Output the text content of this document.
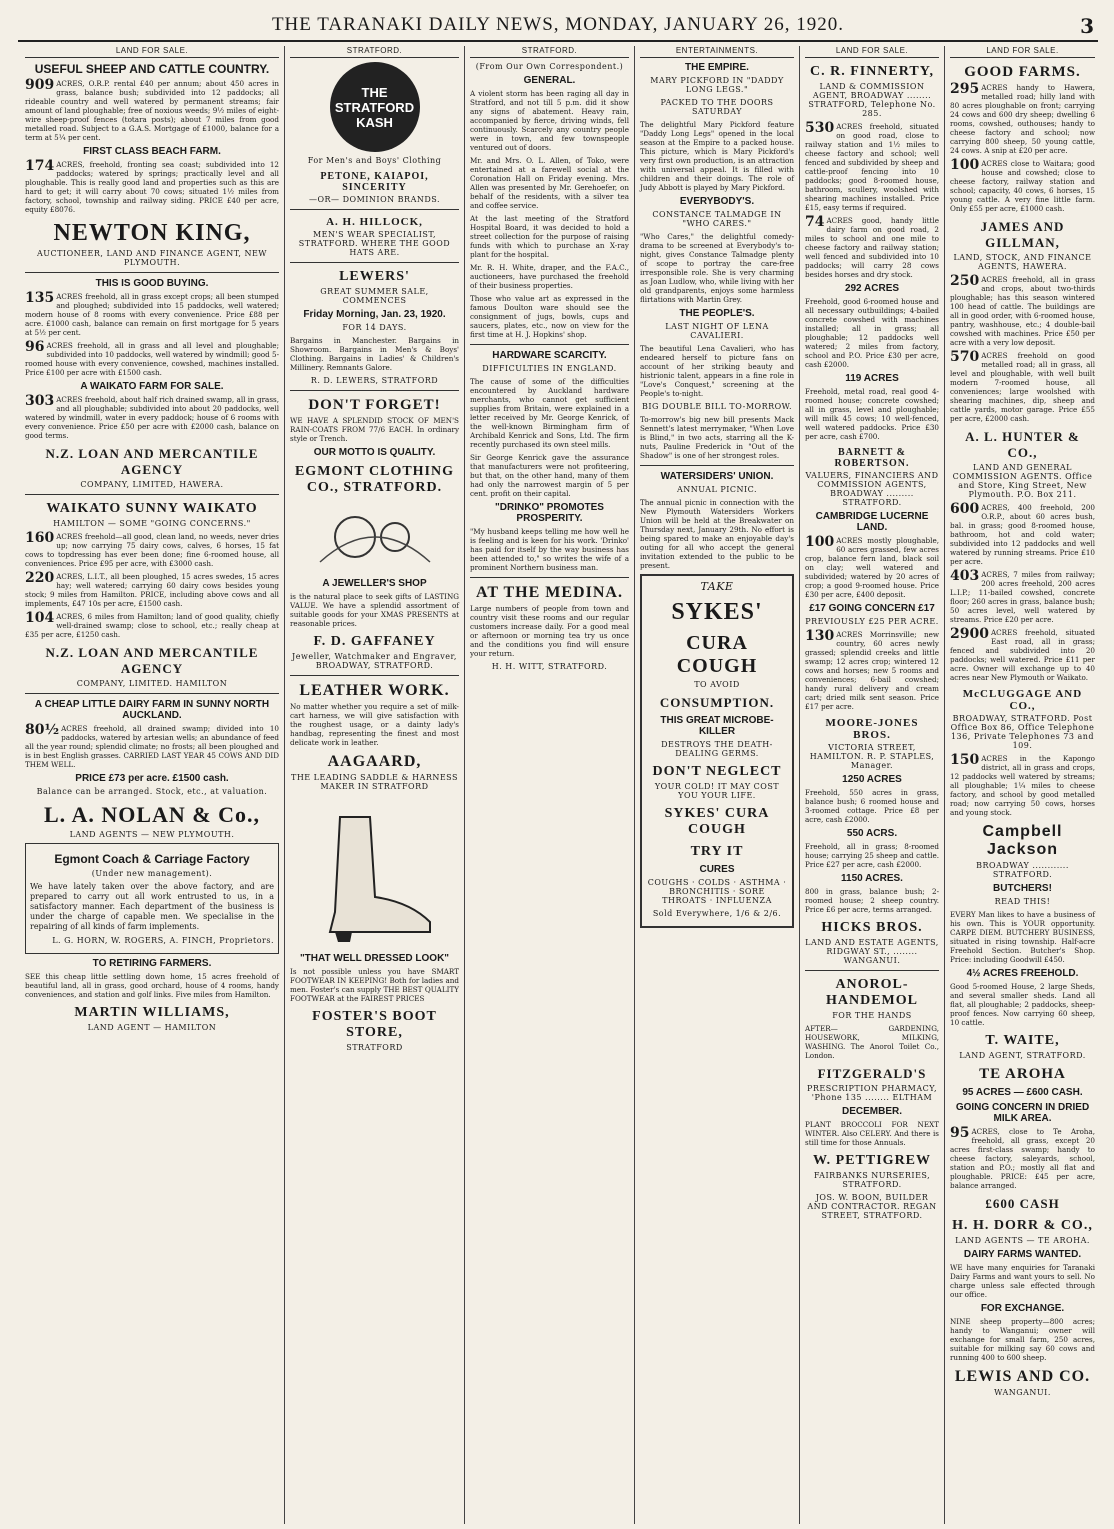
THE TARANAKI DAILY NEWS, MONDAY, JANUARY 26, 1920.	3
LAND FOR SALE.
USEFUL SHEEP AND CATTLE COUNTRY.

909 ACRES, O.R.P. rental £40 per annum; about 450 acres in grass, balance bush; subdivided into 12 paddocks; all rideable country and well watered by permanent streams; fair amount of land ploughable; free of noxious weeds; 9½ miles of eight-wire sheep-proof fences (totara posts); about 7 miles from good metalled road. Subject to a G.A.S. Mortgage of £1000, balance for a term at 5¼ per cent.

FIRST CLASS BEACH FARM.

174 ACRES, freehold, fronting sea coast; subdivided into 12 paddocks; watered by springs; practically level and all ploughable. This is really good land and properties such as this are hard to get; it will carry about 70 cows; situated 1½ miles from factory, school, township and railway siding. PRICE £40 per acre, equity £8076.

NEWTON KING,
AUCTIONEER, LAND AND FINANCE AGENT, NEW PLYMOUTH.
THIS IS GOOD BUYING.

135 ACRES freehold, all in grass except crops; all been stumped and ploughed; subdivided into 15 paddocks, well watered; modern house of 8 rooms with every convenience. Price £88 per acre. £1000 cash, balance can remain on first mortgage for 5 years at 5½ per cent.

96 ACRES freehold, all in grass and all level and ploughable; subdivided into 10 paddocks, well watered by windmill; good 5-roomed house with every convenience, cowshed, machines installed. Price £100 per acre with £1500 cash.

A WAIKATO FARM FOR SALE.

303 ACRES freehold, about half rich drained swamp, all in grass, and all ploughable; subdivided into about 20 paddocks, well watered by windmill, water in every paddock; house of 6 rooms with every convenience. Price £50 per acre with £2000 cash, balance on good terms.

N.Z. LOAN AND MERCANTILE AGENCY
COMPANY, LIMITED, HAWERA.
WAIKATO SUNNY WAIKATO
HAMILTON — SOME "GOING CONCERNS."

160 ACRES freehold—all good, clean land, no weeds, never dries up; now carrying 75 dairy cows, calves, 6 horses, 15 fat cows to topdressing has ever been done; fine 6-roomed house, all conveniences. Price £95 per acre, with £3000 cash.

220 ACRES, L.I.T., all been ploughed, 15 acres swedes, 15 acres hay; well watered; carrying 60 dairy cows besides young stock; 9 miles from Hamilton. PRICE, including above cows and all implements, £47 10s per acre, £1500 cash.

104 ACRES, 6 miles from Hamilton; land of good quality, chiefly well-drained swamp; close to school, etc.; really cheap at £35 per acre, £1250 cash.

N.Z. LOAN AND MERCANTILE AGENCY
COMPANY, LIMITED. HAMILTON
A CHEAP LITTLE DAIRY FARM IN SUNNY NORTH AUCKLAND.

80½ ACRES freehold, all drained swamp; divided into 10 paddocks, watered by artesian wells; an abundance of feed all the year round; splendid climate; no frosts; all been ploughed and is in best English grasses. CARRIED LAST YEAR 45 COWS AND DID THEM WELL.

PRICE £73 per acre. £1500 cash.
Balance can be arranged. Stock, etc., at valuation.
L. A. NOLAN & Co.,
LAND AGENTS — NEW PLYMOUTH.
Egmont Coach & Carriage Factory
(Under new management).

We have lately taken over the above factory, and are prepared to carry out all work entrusted to us, in a satisfactory manner. Each department of the business is under the charge of capable men. We specialise in the repairing of all kinds of farm implements.

L. G. HORN, W. ROGERS, A. FINCH, Proprietors.
TO RETIRING FARMERS.

SEE this cheap little settling down home, 15 acres freehold of beautiful land, all in grass, good orchard, house of 4 rooms, handy conveniences, and station and golf links. Five miles from Hamilton.

MARTIN WILLIAMS,
LAND AGENT — HAMILTON
STRATFORD.
THE STRATFORD KASH
For Men's and Boys' Clothing
PETONE, KAIAPOI, SINCERITY
—OR— DOMINION BRANDS.
A. H. HILLOCK,
MEN'S WEAR SPECIALIST, STRATFORD. WHERE THE GOOD HATS ARE.
LEWERS'
GREAT SUMMER SALE, COMMENCES
Friday Morning, Jan. 23, 1920.
FOR 14 DAYS.

Bargains in Manchester. Bargains in Showroom. Bargains in Men's & Boys' Clothing. Bargains in Ladies' & Children's Millinery. Remnants Galore.

R. D. LEWERS, STRATFORD
DON'T FORGET!

WE HAVE A SPLENDID STOCK OF MEN'S RAIN-COATS FROM 77/6 EACH. In ordinary style or Trench.

OUR MOTTO IS QUALITY.
EGMONT CLOTHING CO., STRATFORD.
A JEWELLER'S SHOP

is the natural place to seek gifts of LASTING VALUE. We have a splendid assortment of suitable goods for your XMAS PRESENTS at reasonable prices.

F. D. GAFFANEY
Jeweller, Watchmaker and Engraver, BROADWAY, STRATFORD.
LEATHER WORK.

No matter whether you require a set of milk-cart harness, we will give satisfaction with the roughest usage, or a dainty lady's handbag, representing the finest and most delicate work in leather.

AAGAARD,
THE LEADING SADDLE & HARNESS MAKER IN STRATFORD
"THAT WELL DRESSED LOOK"

Is not possible unless you have SMART FOOTWEAR IN KEEPING! Both for ladies and men. Foster's can supply THE BEST QUALITY FOOTWEAR at the FAIREST PRICES

FOSTER'S BOOT STORE,
STRATFORD
STRATFORD.
(From Our Own Correspondent.)
GENERAL.

A violent storm has been raging all day in Stratford, and not till 5 p.m. did it show any signs of abatement. Heavy rain, accompanied by fierce, driving winds, fell continuously. Scarcely any country people were in town, and few townspeople ventured out of doors.

Mr. and Mrs. O. L. Allen, of Toko, were entertained at a farewell social at the Coronation Hall on Friday evening. Mrs. Allen was presented by Mr. Gerehoefer, on behalf of the residents, with a silver tea and coffee service.

At the last meeting of the Stratford Hospital Board, it was decided to hold a street collection for the purpose of raising funds with which to purchase an X-ray plant for the hospital.

Mr. R. H. White, draper, and the F.A.C., auctioneers, have purchased the freehold of their business properties.

Those who value art as expressed in the famous Doulton ware should see the consignment of jugs, bowls, cups and saucers, plates, etc., now on view for the first time at H. J. Hopkins' shop.

HARDWARE SCARCITY.
DIFFICULTIES IN ENGLAND.

The cause of some of the difficulties encountered by Auckland hardware merchants, who cannot get sufficient supplies from Britain, were explained in a letter received by Mr. George Kenrick, of the well-known Birmingham firm of Archibald Kenrick and Sons, Ltd. The firm recently purchased its own steel mills.

Sir George Kenrick gave the assurance that manufacturers were not profiteering, but that, on the other hand, many of them had only the narrowest margin of 5 per cent. profit on their capital.

"DRINKO" PROMOTES PROSPERITY.

"My husband keeps telling me how well he is feeling and is keen for his work. 'Drinko' has paid for itself by the way business has been attended to," so writes the wife of a prominent Northern business man.

AT THE MEDINA.

Large numbers of people from town and country visit these rooms and our regular customers increase daily. For a good meal or afternoon or morning tea try us once and the conditions you find will ensure your return.

H. H. WITT, STRATFORD.
ENTERTAINMENTS.
THE EMPIRE.
MARY PICKFORD IN "DADDY LONG LEGS."
PACKED TO THE DOORS SATURDAY

The delightful Mary Pickford feature "Daddy Long Legs" opened in the local season at the Empire to a packed house. This picture, which is Mary Pickford's very first own production, is an attraction with universal appeal. It is filled with children and their doings. The role of Judy Abbott is played by Mary Pickford.

EVERYBODY'S.
CONSTANCE TALMADGE IN "WHO CARES."

"Who Cares," the delightful comedy-drama to be screened at Everybody's to-night, gives Constance Talmadge plenty of scope to portray the care-free irresponsible role. She is very charming as Joan Ludlow, who, while living with her old grandparents, enjoys some harmless flirtations with Martin Grey.

THE PEOPLE'S.
LAST NIGHT OF LENA CAVALIERI.

The beautiful Lena Cavalieri, who has endeared herself to picture fans on account of her striking beauty and histrionic talent, appears in a fine role in "Love's Conquest," screening at the People's to-night.

BIG DOUBLE BILL TO-MORROW.

To-morrow's big new bill presents Mack Sennett's latest merrymaker, "When Love is Blind," in two acts, starring all the K-nuts, Pauline Frederick in "Out of the Shadow" is one of her strongest roles.

WATERSIDERS' UNION.
ANNUAL PICNIC.

The annual picnic in connection with the New Plymouth Watersiders Workers Union will be held at the Breakwater on Thursday next, January 29th. No effort is being spared to make an enjoyable day's outing for all who accept the general invitation extended to the public to be present.

TAKE
SYKES'
CURA COUGH
TO AVOID
CONSUMPTION.
THIS GREAT MICROBE-KILLER
DESTROYS THE DEATH-DEALING GERMS.
DON'T NEGLECT
YOUR COLD! IT MAY COST YOU YOUR LIFE.
SYKES' CURA COUGH
TRY IT
CURES
COUGHS · COLDS · ASTHMA · BRONCHITIS · SORE THROATS · INFLUENZA
Sold Everywhere, 1/6 & 2/6.
LAND FOR SALE.
C. R. FINNERTY,
LAND & COMMISSION AGENT, BROADWAY ........ STRATFORD, Telephone No. 285.

530 ACRES freehold, situated on good road, close to railway station and 1½ miles to cheese factory and school; well fenced and subdivided by sheep and cattle-proof fencing into 10 paddocks; good 8-roomed house, bathroom, scullery, woolshed with shearing machines installed. Price £15, easy terms if required.

74 ACRES good, handy little dairy farm on good road, 2 miles to school and one mile to cheese factory and railway station; well fenced and subdivided into 10 paddocks; will carry 28 cows besides horses and dry stock.

292 ACRES

Freehold, good 6-roomed house and all necessary outbuildings; 4-bailed concrete cowshed with machines installed; all in grass; all ploughable; 12 paddocks well watered; 2 miles from factory, school and P.O. Price £30 per acre, cash £2000.

119 ACRES

Freehold, metal road, real good 4-roomed house; concrete cowshed; all in grass, level and ploughable; will milk 45 cows; 10 well-fenced, well watered paddocks. Price £30 per acre, cash £700.

BARNETT & ROBERTSON.
VALUERS, FINANCIERS AND COMMISSION AGENTS, BROADWAY ......... STRATFORD.
CAMBRIDGE LUCERNE LAND.

100 ACRES mostly ploughable, 60 acres grassed, few acres crop, balance fern land, black soil on clay; well watered and subdivided; watered by 20 acres of crop; a good 9-roomed house. Price £30 per acre, £400 deposit.

£17 GOING CONCERN £17
PREVIOUSLY £25 PER ACRE.

130 ACRES Morrinsville; new country, 60 acres newly grassed; splendid creeks and little swamp; 12 acres crop; wintered 12 cows and horses; new 5 rooms and conveniences; 6-bail cowshed; handy rural delivery and cream cart; dried milk sent season. Price £17 per acre.

MOORE-JONES BROS.
VICTORIA STREET, HAMILTON. R. P. STAPLES, Manager.
1250 ACRES

Freehold, 550 acres in grass, balance bush; 6 roomed house and 3-roomed cottage. Price £8 per acre, cash £2000.

550 ACRS.

Freehold, all in grass; 8-roomed house; carrying 25 sheep and cattle. Price £27 per acre, cash £2000.

1150 ACRES.

800 in grass, balance bush; 2-roomed house; 2 sheep country. Price £6 per acre, terms arranged.

HICKS BROS.
LAND AND ESTATE AGENTS, RIDGWAY ST., ........ WANGANUI.
ANOROL-HANDEMOL
FOR THE HANDS

AFTER— GARDENING, HOUSEWORK, MILKING, WASHING. The Anorol Toilet Co., London.

FITZGERALD'S
PRESCRIPTION PHARMACY, 'Phone 135 ........ ELTHAM
DECEMBER.

PLANT BROCCOLI FOR NEXT WINTER. Also CELERY. And there is still time for those Annuals.

W. PETTIGREW
FAIRBANKS NURSERIES, STRATFORD.
JOS. W. BOON, BUILDER AND CONTRACTOR. REGAN STREET, STRATFORD.
LAND FOR SALE.
GOOD FARMS.

295 ACRES handy to Hawera, metalled road; hilly land with 80 acres ploughable on front; carrying 24 cows and 600 dry sheep; dwelling 6 rooms, cowshed, outhouses; handy to cheese factory and school; now carrying 800 sheep, 50 young cattle, 24 cows. A snip at £20 per acre.

100 ACRES close to Waitara; good house and cowshed; close to cheese factory, railway station and school; capacity, 40 cows, 6 horses, 15 young cattle. A very fine little farm. Only £55 per acre, £1000 cash.

JAMES AND GILLMAN,
LAND, STOCK, AND FINANCE AGENTS, HAWERA.

250 ACRES freehold, all in grass and crops, about two-thirds ploughable; has this season wintered 100 head of cattle. The buildings are all in good order, with 6-roomed house, pantry, washhouse, etc.; 4 double-bail cowshed with machines. Price £50 per acre with a very low deposit.

570 ACRES freehold on good metalled road; all in grass, all level and ploughable, with well built modern 7-roomed house, all conveniences; large woolshed with shearing machines, dip, sheep and cattle yards, motor garage. Price £55 per acre, £2000 cash.

A. L. HUNTER & CO.,
LAND AND GENERAL COMMISSION AGENTS. Office and Store, King Street, New Plymouth. P.O. Box 211.

600 ACRES, 400 freehold, 200 O.R.P., about 60 acres bush, bal. in grass; good 8-roomed house, bathroom, hot and cold water; subdivided into 12 paddocks and well watered by running streams. Price £10 per acre.

403 ACRES, 7 miles from railway; 200 acres freehold, 200 acres L.I.P.; 11-bailed cowshed, concrete floor; 260 acres in grass, balance bush; 50 acres level, well watered by streams. Price £20 per acre.

2900 ACRES freehold, situated East road, all in grass; fenced and subdivided into 20 paddocks; well watered. Price £11 per acre. Owner will exchange up to 40 acres near New Plymouth or Waikato.

McCLUGGAGE AND CO.,
BROADWAY, STRATFORD. Post Office Box 86, Office Telephone 136, Private Telephones 73 and 109.

150 ACRES in the Kapongo district, all in grass and crops, 12 paddocks well watered by streams; all ploughable; 1¼ miles to cheese factory, and school by good metalled road; now carrying 50 cows, horses and young stock.

Campbell Jackson
BROADWAY ............ STRATFORD.
BUTCHERS!
READ THIS!

EVERY Man likes to have a business of his own. This is YOUR opportunity. CARPE DIEM. BUTCHERY BUSINESS, situated in rising township. Half-acre Freehold Section. Butcher's Shop. Price: including Goodwill £450.

4½ ACRES FREEHOLD.

Good 5-roomed House, 2 large Sheds, and several smaller sheds. Land all flat, all ploughable; 2 paddocks, sheep-proof fences. Now carrying 60 sheep, 10 cattle.

T. WAITE,
LAND AGENT, STRATFORD.
TE AROHA
95 ACRES — £600 CASH.
GOING CONCERN IN DRIED MILK AREA.

95 ACRES, close to Te Aroha, freehold, all grass, except 20 acres first-class swamp; handy to cheese factory, saleyards, school, station and P.O.; mostly all flat and ploughable. PRICE: £45 per acre, balance arranged.

£600 CASH
H. H. DORR & CO.,
LAND AGENTS — TE AROHA.
DAIRY FARMS WANTED.

WE have many enquiries for Taranaki Dairy Farms and want yours to sell. No charge unless sale effected through our office.

FOR EXCHANGE.

NINE sheep property—800 acres; handy to Wanganui; owner will exchange for small farm, 250 acres, suitable for milking say 60 cows and running 400 to 600 sheep.

LEWIS AND CO.
WANGANUI.
